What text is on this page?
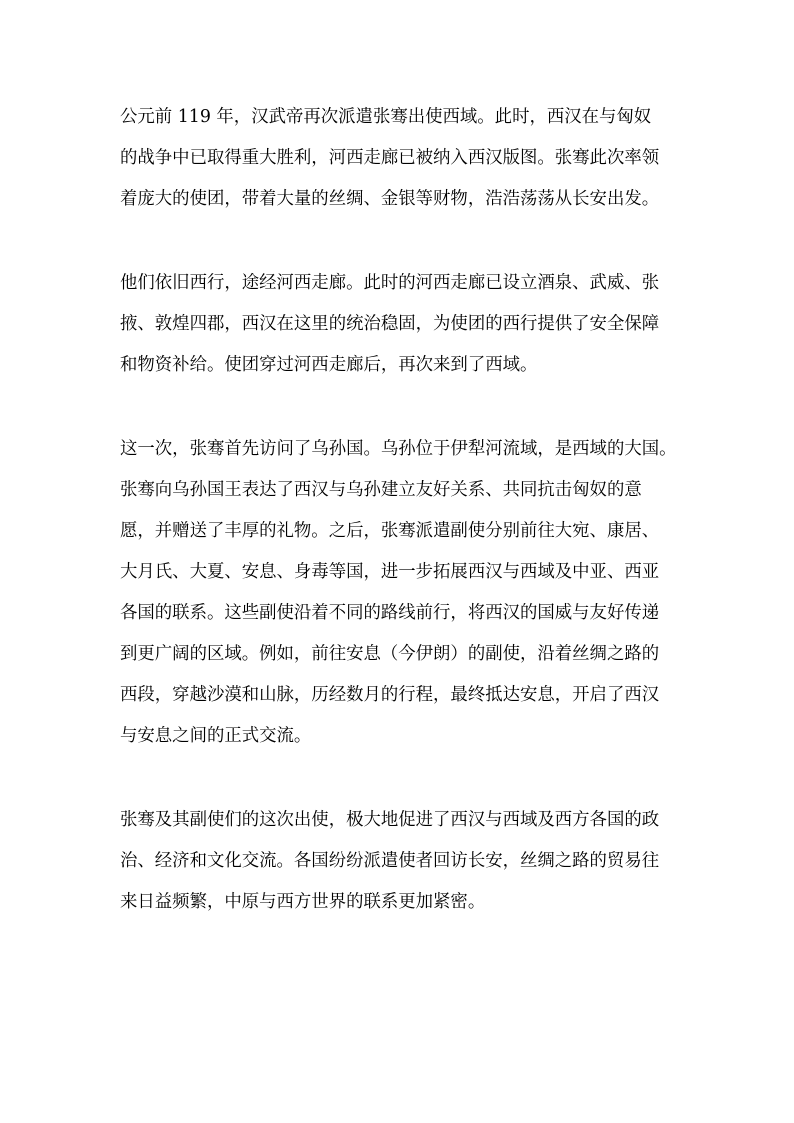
公元前 119 年，汉武帝再次派遣张骞出使西域。此时，西汉在与匈奴
的战争中已取得重大胜利，河西走廊已被纳入西汉版图。张骞此次率领
着庞大的使团，带着大量的丝绸、金银等财物，浩浩荡荡从长安出发。

他们依旧西行，途经河西走廊。此时的河西走廊已设立酒泉、武威、张
掖、敦煌四郡，西汉在这里的统治稳固，为使团的西行提供了安全保障
和物资补给。使团穿过河西走廊后，再次来到了西域。

这一次，张骞首先访问了乌孙国。乌孙位于伊犁河流域，是西域的大国。
张骞向乌孙国王表达了西汉与乌孙建立友好关系、共同抗击匈奴的意
愿，并赠送了丰厚的礼物。之后，张骞派遣副使分别前往大宛、康居、
大月氏、大夏、安息、身毒等国，进一步拓展西汉与西域及中亚、西亚
各国的联系。这些副使沿着不同的路线前行，将西汉的国威与友好传递
到更广阔的区域。例如，前往安息（今伊朗）的副使，沿着丝绸之路的
西段，穿越沙漠和山脉，历经数月的行程，最终抵达安息，开启了西汉
与安息之间的正式交流。

张骞及其副使们的这次出使，极大地促进了西汉与西域及西方各国的政
治、经济和文化交流。各国纷纷派遣使者回访长安，丝绸之路的贸易往
来日益频繁，中原与西方世界的联系更加紧密。
